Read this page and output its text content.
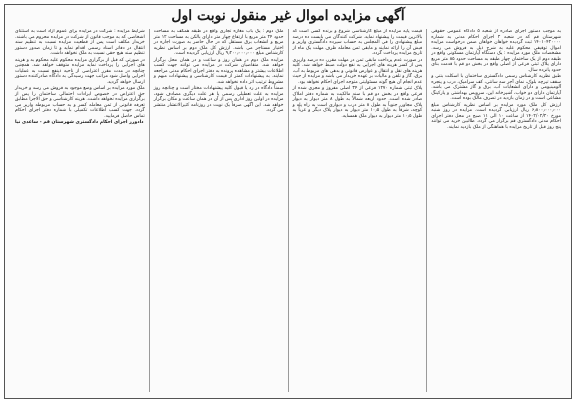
آگهی مزایده اموال غیر منقول نوبت اول

به موجب دستور اجرای صادره از شعبه ۵ دادگاه عمومی حقوقی شهرستان قم که در شعبه ۲ اجرای احکام مدنی به شماره ۱۴۰۱۰۴۲۰۰۰۰ ثبت گردیده خواهان خواهان ضمن درخواست مزایده اموال توقیفی محکوم علیه به شرح ذیل به فروش می رسد. مشخصات ملک مورد مزایده : یک دستگاه آپارتمان مسکونی واقع در طبقه دوم از یک ساختمان چهار طبقه به مساحت حدود ۸۵ متر مربع دارای پلاک ثبتی فرعی از اصلی واقع در بخش دو قم با قدمت بنای حدود پانزده سال.

طبق نظریه کارشناس رسمی دادگستری ساختمان با اسکلت بتنی و سقف تیرچه بلوک، نمای آجر سه سانتی، کف سرامیک، درب و پنجره آلومینیومی و دارای انشعابات آب، برق و گاز مشترک می باشد. آپارتمان دارای دو خواب، آشپزخانه اپن، سرویس بهداشتی و پارکینگ مشاعی است و در زمان بازدید در تصرف مالک بوده است.

ارزش کل ملک مورد مزایده بر اساس نظریه کارشناس مبلغ ۶٫۸۰۰٫۰۰۰٫۰۰۰ ریال ارزیابی گردیده است. مزایده در روز شنبه مورخ ۱۴۰۲/۰۲/۲۰ از ساعت ۱۰ الی ۱۱ صبح در محل دفتر اجرای احکام مدنی دادگستری قم برگزار می گردد. طالبین خرید می توانند پنج روز قبل از تاریخ مزایده با هماهنگی از ملک بازدید نمایند.

قیمت پایه مزایده از مبلغ کارشناسی شروع و برنده کسی است که بالاترین قیمت را پیشنهاد نماید. شرکت کنندگان می بایست ده درصد مبلغ پیشنهادی را فی المجلس به حساب سپرده دادگستری واریز و فیش آن را ارائه نمایند و مابقی ثمن معامله ظرف مهلت یک ماه از تاریخ مزایده پرداخت گردد.

در صورت عدم پرداخت مابقی ثمن در مهلت مقرر، ده درصد واریزی پس از کسر هزینه های اجرایی به نفع دولت ضبط خواهد شد. کلیه هزینه های نقل و انتقال و عوارض قانونی و بدهی های مربوط به آب، برق، گاز و تلفن و مالیات بر عهده خریدار می باشد و مزایده از حیث عدم انجام آن هیچ گونه مسئولیتی متوجه اجرای احکام نخواهد بود.

پلاک ثبتی شماره ۱۲۷۰ فرعی از ۳۴ اصلی مفروز و مجزی شده از فرعی واقع در بخش دو قم با سند مالکیت به شماره دفتر املاک صادر شده است. حدود اربعه شمالاً به طول ۸ متر دیوار به دیوار پلاک مجاور، جنوباً به طول ۸ متر درب و دیواری است به راه پله و کوچه، شرقاً به طول ۱۰٫۵ متر دیوار به دیوار پلاک دیگر و غرباً به طول ۱۰٫۵ متر دیوار به دیوار ملک همسایه.

ملک دوم : یک باب مغازه تجاری واقع در طبقه همکف به مساحت حدود ۲۴ متر مربع با ارتفاع چهار متر دارای بالکن به مساحت ۱۲ متر مربع و انشعاب برق مستقل که در حال حاضر به صورت اجاره در اختیار مستاجر می باشد. ارزش کل ملک دوم بر اساس نظریه کارشناس مبلغ ۹٫۲۰۰٫۰۰۰٫۰۰۰ ریال ارزیابی گردیده است.

مزایده ملک دوم در همان روز و ساعت و در همان محل برگزار خواهد شد. متقاضیان شرکت در مزایده می توانند جهت کسب اطلاعات بیشتر و مشاهده پرونده به دفتر اجرای احکام مدنی مراجعه نمایند. به پیشنهادات کمتر از قیمت کارشناسی و پیشنهادات مبهم و مشروط ترتیب اثر داده نخواهد شد.

ضمناً دادگاه در رد یا قبول کلیه پیشنهادات مختار است و چنانچه روز مزایده به علت تعطیلی رسمی یا هر علت دیگری مصادف شود، مزایده در اولین روز اداری پس از آن در همان ساعت و مکان برگزار خواهد شد. این آگهی صرفاً یک نوبت در روزنامه کثیرالانتشار منتشر می گردد.

شرایط مزایده : شرکت در مزایده برای عموم آزاد است به استثنای اشخاصی که به موجب قانون از شرکت در مزایده محروم می باشند. خریدار مکلف است پس از قطعیت مزایده نسبت به تنظیم سند انتقال در دفاتر اسناد رسمی اقدام نماید و تا زمان صدور دستور تنظیم سند هیچ حقی نسبت به ملک نخواهد داشت.

در صورتی که قبل از برگزاری مزایده محکوم علیه محکوم به و هزینه های اجرایی را پرداخت نماید مزایده متوقف خواهد شد. همچنین چنانچه در مدت مقرر اعتراضی از ناحیه ذینفع نسبت به عملیات اجرایی واصل شود مراتب جهت رسیدگی به دادگاه صادرکننده دستور ارسال خواهد گردید.

ملک مورد مزایده بر اساس وضع موجود به فروش می رسد و خریدار حق اعتراض در خصوص ایرادات احتمالی ساختمان را پس از برگزاری مزایده نخواهد داشت. هزینه کارشناسی و حق الاجرا مطابق تعرفه قانونی از ثمن معامله کسر و به حساب مربوطه واریز می گردد. جهت کسب اطلاعات تکمیلی با شماره دفتر اجرای احکام تماس حاصل فرمایید.

دادورز اجرای احکام دادگستری شهرستان قم - ساعدی نیا
